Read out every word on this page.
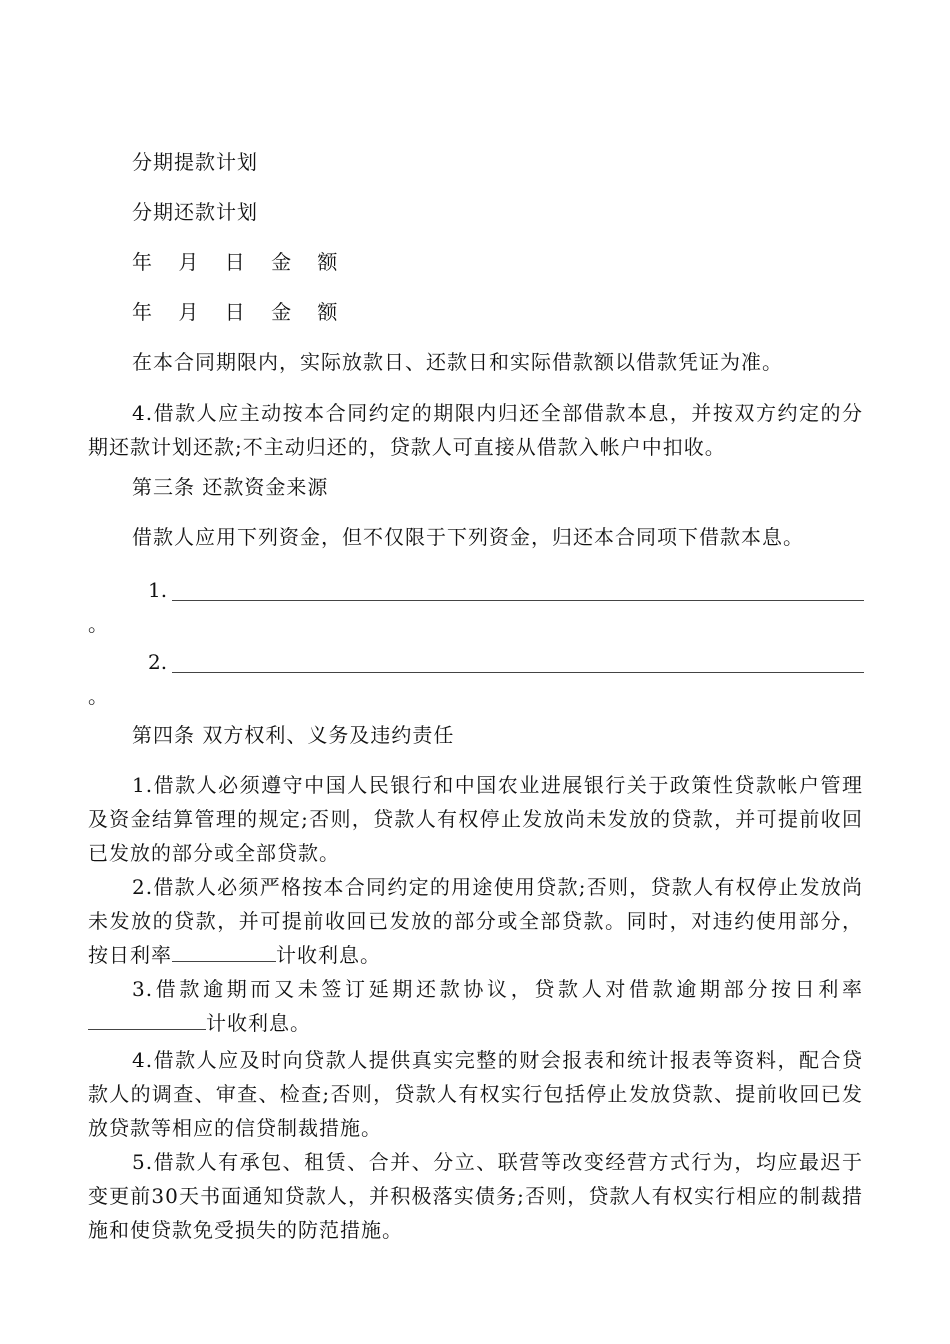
分期提款计划

分期还款计划

年 月 日 金 额

年 月 日 金 额

在本合同期限内，实际放款日、还款日和实际借款额以借款凭证为准。

4.借款人应主动按本合同约定的期限内归还全部借款本息，并按双方约定的分期还款计划还款;不主动归还的，贷款人可直接从借款入帐户中扣收。

第三条 还款资金来源

借款人应用下列资金，但不仅限于下列资金，归还本合同项下借款本息。

1.
。
2.
。

第四条 双方权利、义务及违约责任

1.借款人必须遵守中国人民银行和中国农业进展银行关于政策性贷款帐户管理及资金结算管理的规定;否则，贷款人有权停止发放尚未发放的贷款，并可提前收回已发放的部分或全部贷款。

2.借款人必须严格按本合同约定的用途使用贷款;否则，贷款人有权停止发放尚未发放的贷款，并可提前收回已发放的部分或全部贷款。同时，对违约使用部分，按日利率	计收利息。

3.借款逾期而又未签订延期还款协议，贷款人对借款逾期部分按日利率计收利息。

4.借款人应及时向贷款人提供真实完整的财会报表和统计报表等资料，配合贷款人的调查、审查、检查;否则，贷款人有权实行包括停止发放贷款、提前收回已发放贷款等相应的信贷制裁措施。

5.借款人有承包、租赁、合并、分立、联营等改变经营方式行为，均应最迟于变更前30天书面通知贷款人，并积极落实债务;否则，贷款人有权实行相应的制裁措施和使贷款免受损失的防范措施。
